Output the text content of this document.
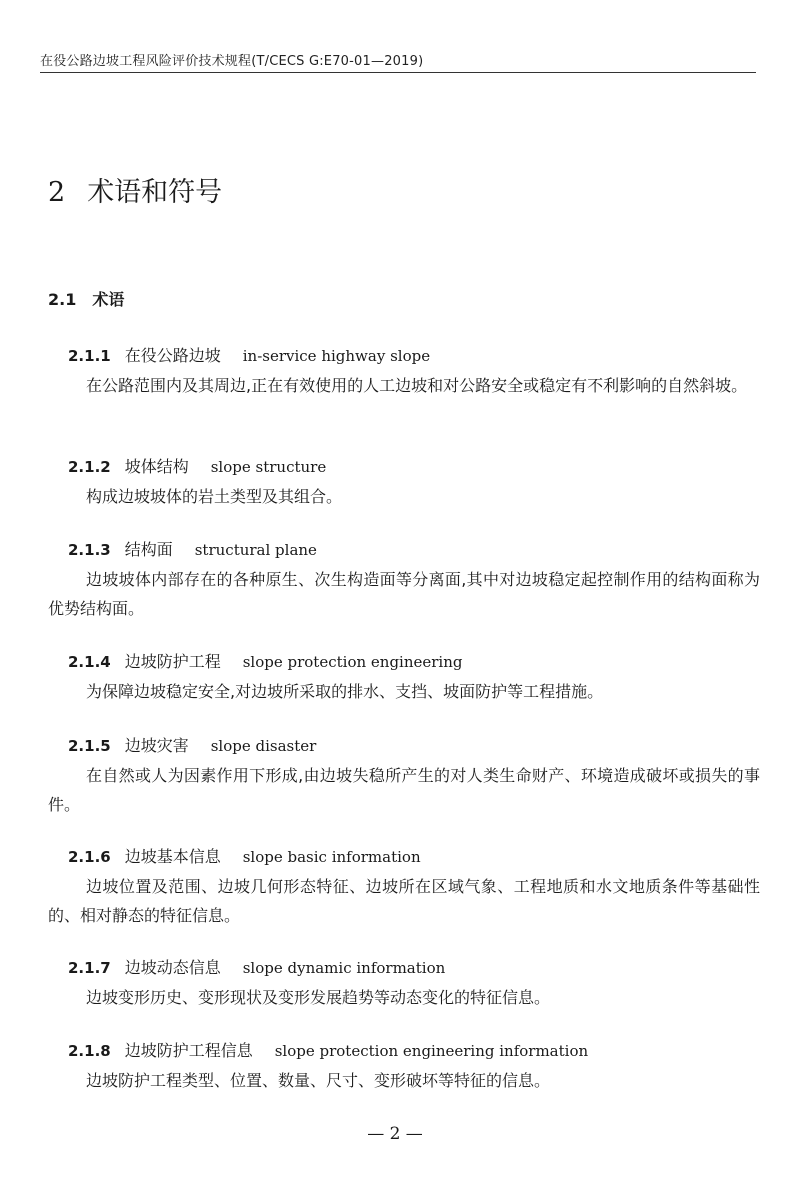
在役公路边坡工程风险评价技术规程(T/CECS G:E70-01—2019)
2 术语和符号
2.1 术语
2.1.1 在役公路边坡 in-service highway slope

在公路范围内及其周边,正在有效使用的人工边坡和对公路安全或稳定有不利影响的自然斜坡。

2.1.2 坡体结构 slope structure

构成边坡坡体的岩土类型及其组合。

2.1.3 结构面 structural plane

边坡坡体内部存在的各种原生、次生构造面等分离面,其中对边坡稳定起控制作用的结构面称为优势结构面。

2.1.4 边坡防护工程 slope protection engineering

为保障边坡稳定安全,对边坡所采取的排水、支挡、坡面防护等工程措施。

2.1.5 边坡灾害 slope disaster

在自然或人为因素作用下形成,由边坡失稳所产生的对人类生命财产、环境造成破坏或损失的事件。

2.1.6 边坡基本信息 slope basic information

边坡位置及范围、边坡几何形态特征、边坡所在区域气象、工程地质和水文地质条件等基础性的、相对静态的特征信息。

2.1.7 边坡动态信息 slope dynamic information

边坡变形历史、变形现状及变形发展趋势等动态变化的特征信息。

2.1.8 边坡防护工程信息 slope protection engineering information

边坡防护工程类型、位置、数量、尺寸、变形破坏等特征的信息。

— 2 —
